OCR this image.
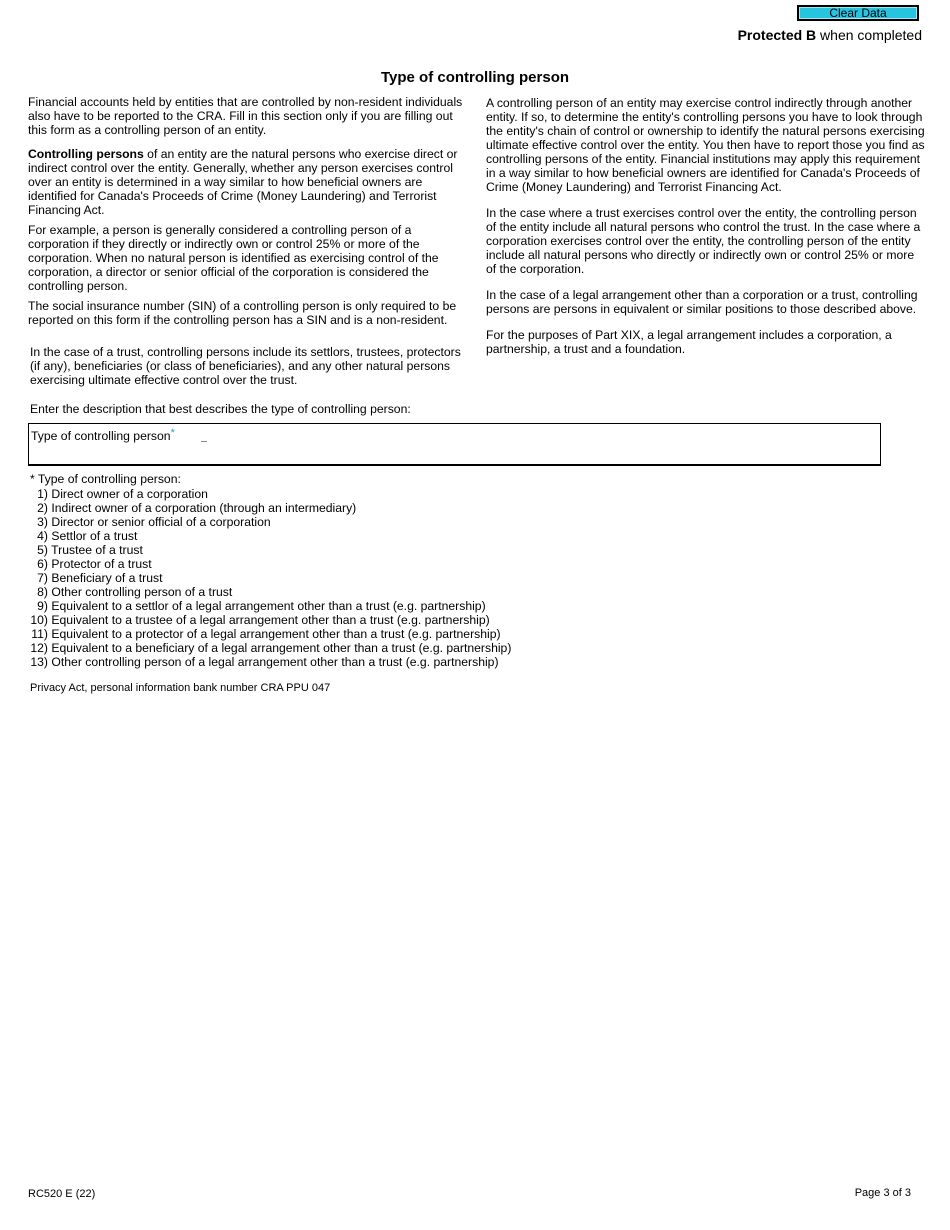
Clear Data
Protected B when completed
Type of controlling person

Financial accounts held by entities that are controlled by non-resident individuals also have to be reported to the CRA. Fill in this section only if you are filling out this form as a controlling person of an entity.

Controlling persons of an entity are the natural persons who exercise direct or indirect control over the entity. Generally, whether any person exercises control over an entity is determined in a way similar to how beneficial owners are identified for Canada's Proceeds of Crime (Money Laundering) and Terrorist Financing Act.

For example, a person is generally considered a controlling person of a corporation if they directly or indirectly own or control 25% or more of the corporation. When no natural person is identified as exercising control of the corporation, a director or senior official of the corporation is considered the controlling person.

The social insurance number (SIN) of a controlling person is only required to be reported on this form if the controlling person has a SIN and is a non-resident.

In the case of a trust, controlling persons include its settlors, trustees, protectors (if any), beneficiaries (or class of beneficiaries), and any other natural persons exercising ultimate effective control over the trust.

A controlling person of an entity may exercise control indirectly through another entity. If so, to determine the entity's controlling persons you have to look through the entity's chain of control or ownership to identify the natural persons exercising ultimate effective control over the entity. You then have to report those you find as controlling persons of the entity. Financial institutions may apply this requirement in a way similar to how beneficial owners are identified for Canada's Proceeds of Crime (Money Laundering) and Terrorist Financing Act.

In the case where a trust exercises control over the entity, the controlling person of the entity include all natural persons who control the trust. In the case where a corporation exercises control over the entity, the controlling person of the entity include all natural persons who directly or indirectly own or control 25% or more of the corporation.

In the case of a legal arrangement other than a corporation or a trust, controlling persons are persons in equivalent or similar positions to those described above.

For the purposes of Part XIX, a legal arrangement includes a corporation, a partnership, a trust and a foundation.

Enter the description that best describes the type of controlling person:
Type of controlling person*
* Type of controlling person:
1) Direct owner of a corporation
2) Indirect owner of a corporation (through an intermediary)
3) Director or senior official of a corporation
4) Settlor of a trust
5) Trustee of a trust
6) Protector of a trust
7) Beneficiary of a trust
8) Other controlling person of a trust
9) Equivalent to a settlor of a legal arrangement other than a trust (e.g. partnership)
10) Equivalent to a trustee of a legal arrangement other than a trust (e.g. partnership)
11) Equivalent to a protector of a legal arrangement other than a trust (e.g. partnership)
12) Equivalent to a beneficiary of a legal arrangement other than a trust (e.g. partnership)
13) Other controlling person of a legal arrangement other than a trust (e.g. partnership)
Privacy Act, personal information bank number CRA PPU 047
RC520 E (22)	Page 3 of 3
